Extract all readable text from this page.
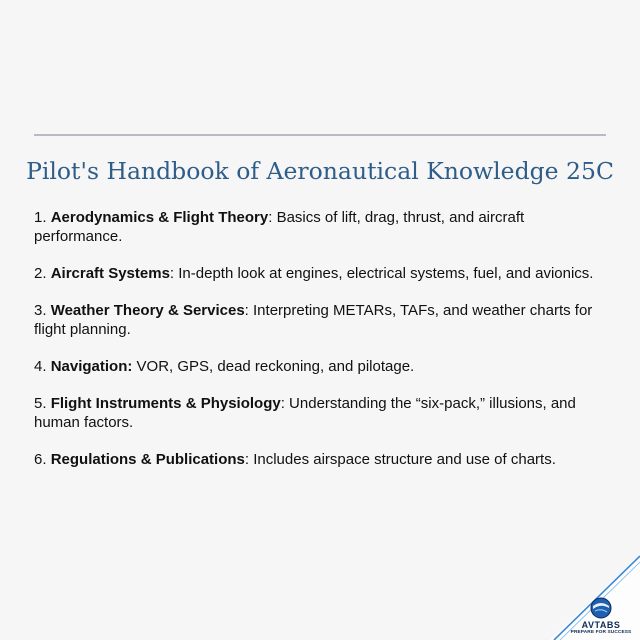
Pilot's Handbook of Aeronautical Knowledge 25C
1. Aerodynamics & Flight Theory: Basics of lift, drag, thrust, and aircraft performance.
2. Aircraft Systems: In-depth look at engines, electrical systems, fuel, and avionics.
3. Weather Theory & Services: Interpreting METARs, TAFs, and weather charts for flight planning.
4. Navigation: VOR, GPS, dead reckoning, and pilotage.
5. Flight Instruments & Physiology: Understanding the “six-pack,” illusions, and human factors.
6. Regulations & Publications: Includes airspace structure and use of charts.
AVTABS
PREPARE FOR SUCCESS
